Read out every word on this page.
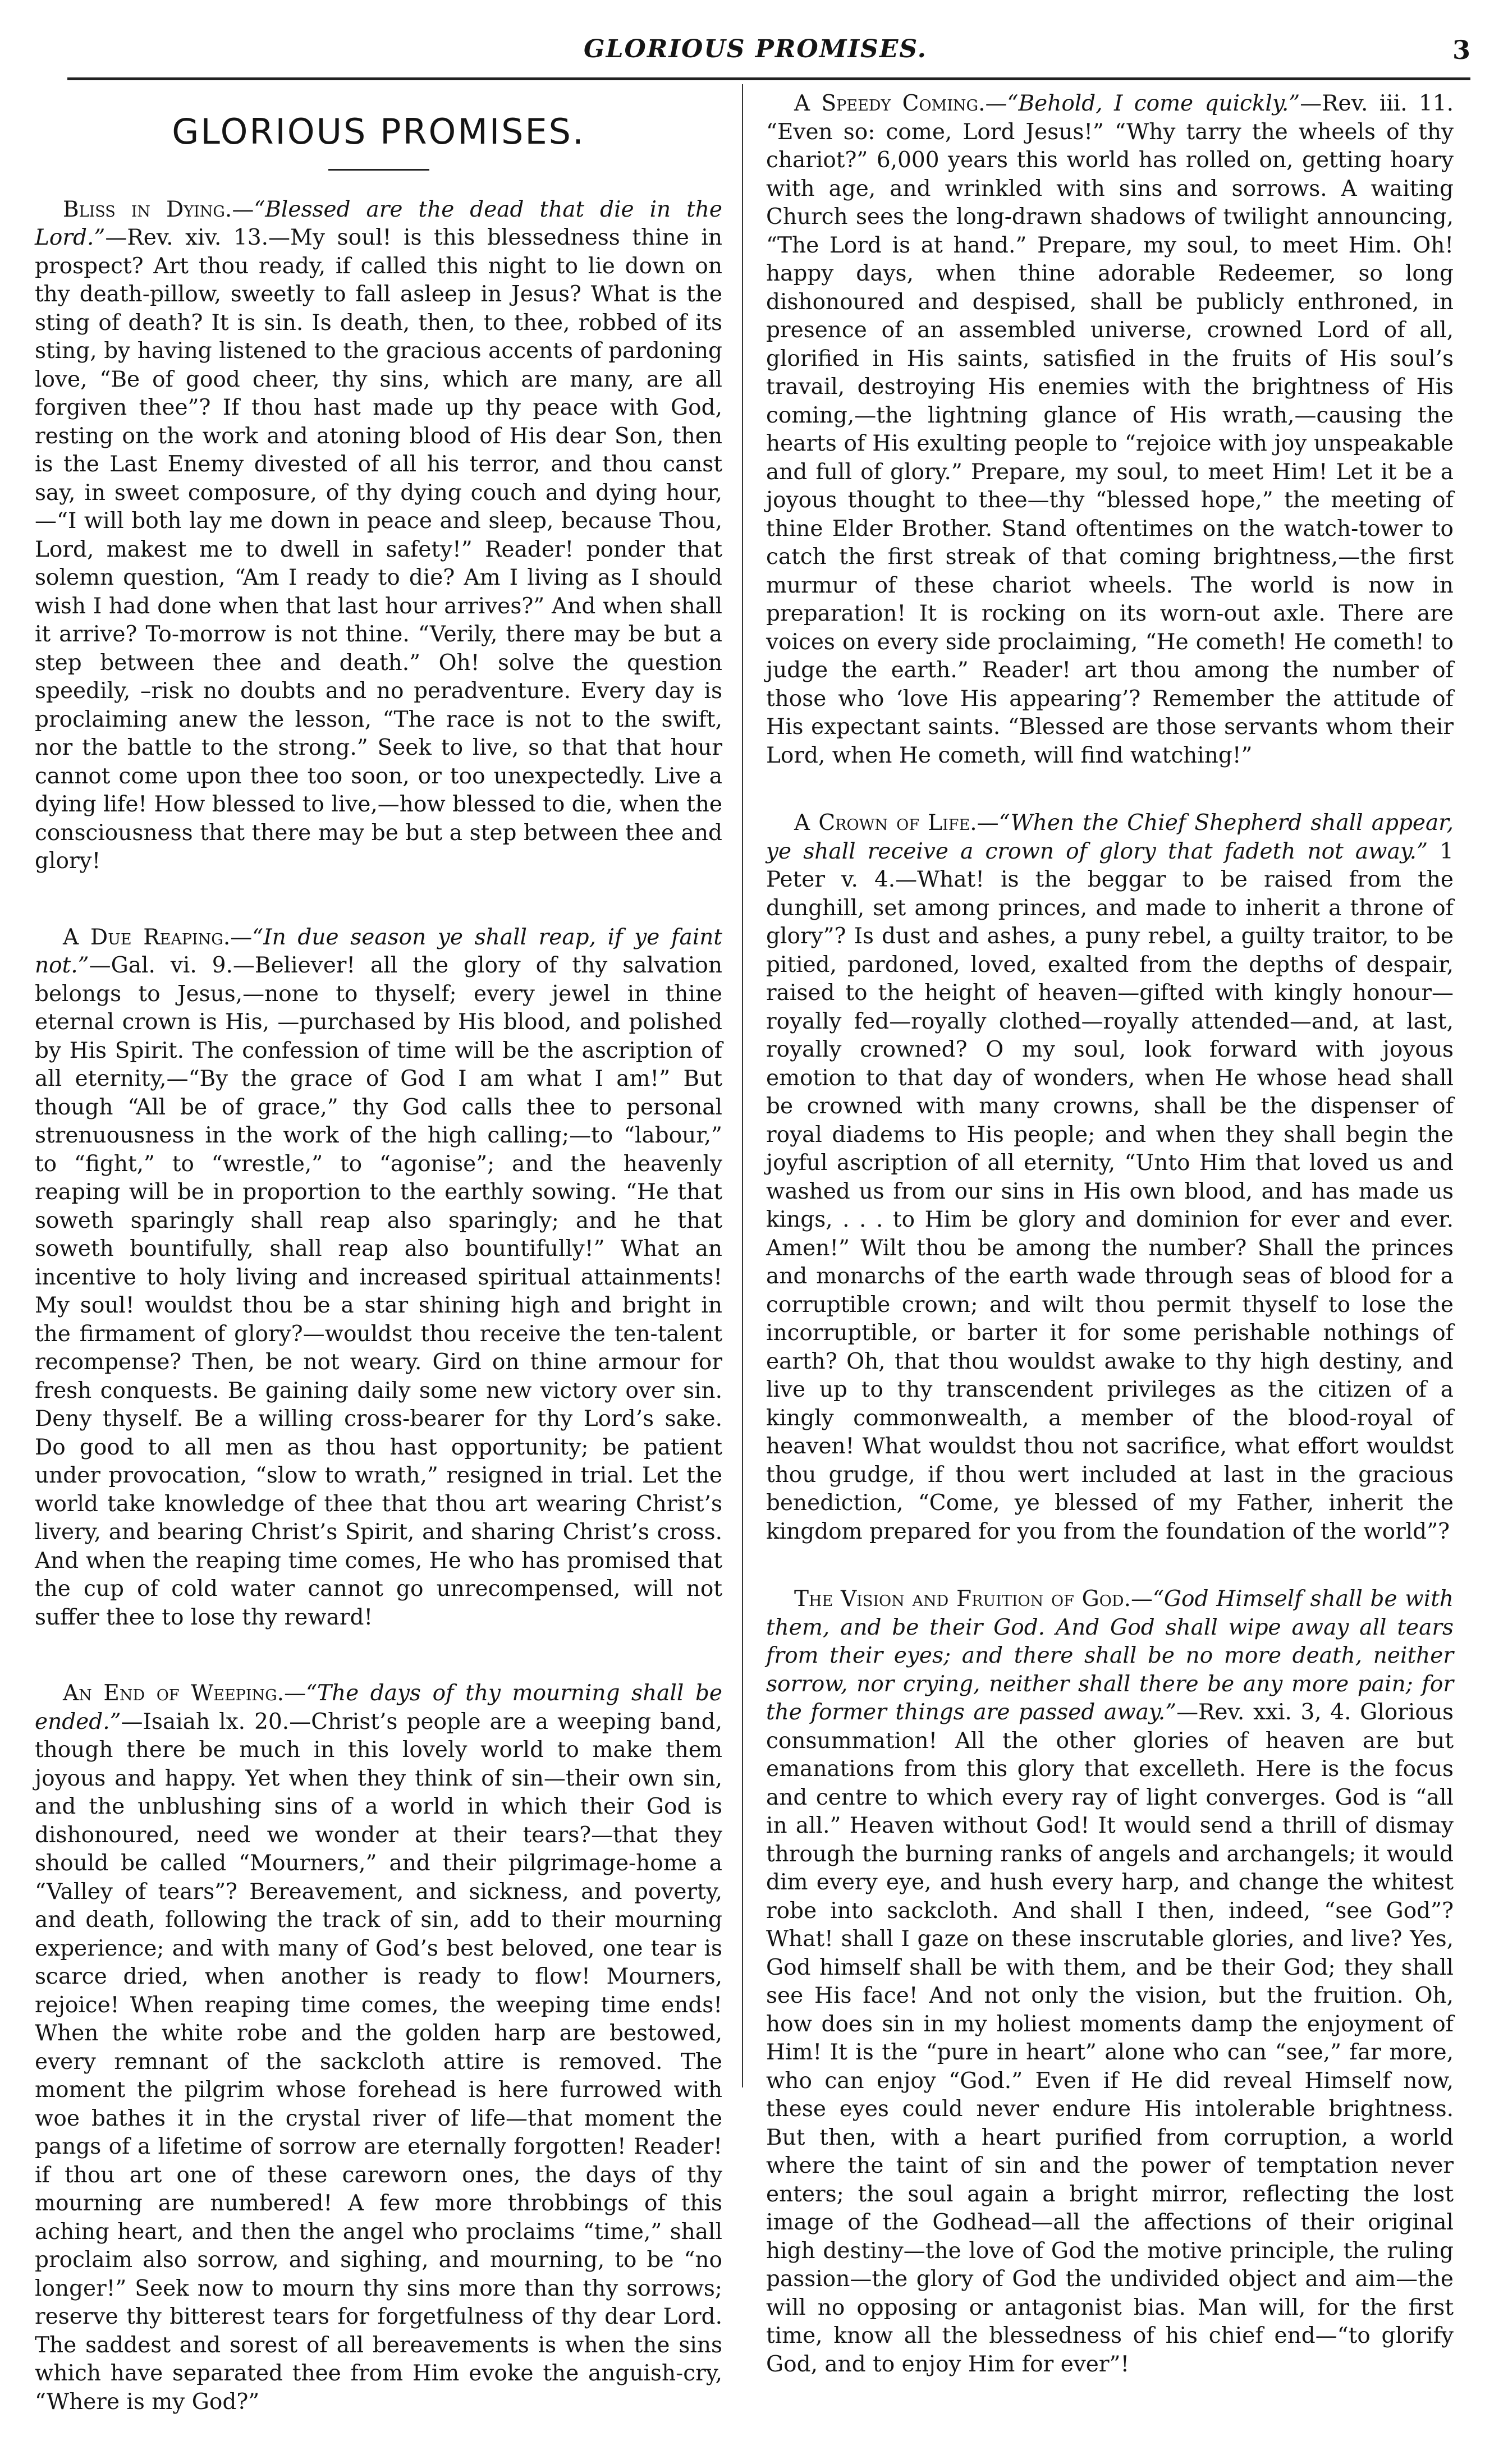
GLORIOUS PROMISES.	3
GLORIOUS PROMISES.

Bliss in Dying.—“Blessed are the dead that die in the Lord.”—Rev. xiv. 13.—My soul! is this blessedness thine in prospect? Art thou ready, if called this night to lie down on thy death-pillow, sweetly to fall asleep in Jesus? What is the sting of death? It is sin. Is death, then, to thee, robbed of its sting, by having listened to the gracious accents of pardoning love, “Be of good cheer, thy sins, which are many, are all forgiven thee”? If thou hast made up thy peace with God, resting on the work and atoning blood of His dear Son, then is the Last Enemy divested of all his terror, and thou canst say, in sweet composure, of thy dying couch and dying hour, —“I will both lay me down in peace and sleep, because Thou, Lord, makest me to dwell in safety!” Reader! ponder that solemn question, “Am I ready to die? Am I living as I should wish I had done when that last hour arrives?” And when shall it arrive? To-morrow is not thine. “Verily, there may be but a step between thee and death.” Oh! solve the question speedily, –risk no doubts and no peradventure. Every day is proclaiming anew the lesson, “The race is not to the swift, nor the battle to the strong.” Seek to live, so that that hour cannot come upon thee too soon, or too unexpectedly. Live a dying life! How blessed to live,—how blessed to die, when the consciousness that there may be but a step between thee and glory!

A Due Reaping.—“In due season ye shall reap, if ye faint not.”—Gal. vi. 9.—Believer! all the glory of thy salvation belongs to Jesus,—none to thyself; every jewel in thine eternal crown is His, —purchased by His blood, and polished by His Spirit. The confession of time will be the ascription of all eternity,—“By the grace of God I am what I am!” But though “All be of grace,” thy God calls thee to personal strenuousness in the work of the high calling;—to “labour,” to “fight,” to “wrestle,” to “agonise”; and the heavenly reaping will be in proportion to the earthly sowing. “He that soweth sparingly shall reap also sparingly; and he that soweth bountifully, shall reap also bountifully!” What an incentive to holy living and increased spiritual attainments! My soul! wouldst thou be a star shining high and bright in the firmament of glory?—wouldst thou receive the ten-talent recompense? Then, be not weary. Gird on thine armour for fresh conquests. Be gaining daily some new victory over sin. Deny thyself. Be a willing cross-bearer for thy Lord’s sake. Do good to all men as thou hast opportunity; be patient under provocation, “slow to wrath,” resigned in trial. Let the world take knowledge of thee that thou art wearing Christ’s livery, and bearing Christ’s Spirit, and sharing Christ’s cross. And when the reaping time comes, He who has promised that the cup of cold water cannot go unrecompensed, will not suffer thee to lose thy reward!

An End of Weeping.—“The days of thy mourning shall be ended.”—Isaiah lx. 20.—Christ’s people are a weeping band, though there be much in this lovely world to make them joyous and happy. Yet when they think of sin—their own sin, and the unblushing sins of a world in which their God is dishonoured, need we wonder at their tears?—that they should be called “Mourners,” and their pilgrimage-home a “Valley of tears”? Bereavement, and sickness, and poverty, and death, following the track of sin, add to their mourning experience; and with many of God’s best beloved, one tear is scarce dried, when another is ready to flow! Mourners, rejoice! When reaping time comes, the weeping time ends! When the white robe and the golden harp are bestowed, every remnant of the sackcloth attire is removed. The moment the pilgrim whose forehead is here furrowed with woe bathes it in the crystal river of life—that moment the pangs of a lifetime of sorrow are eternally forgotten! Reader! if thou art one of these careworn ones, the days of thy mourning are numbered! A few more throbbings of this aching heart, and then the angel who proclaims “time,” shall proclaim also sorrow, and sighing, and mourning, to be “no longer!” Seek now to mourn thy sins more than thy sorrows; reserve thy bitterest tears for forgetfulness of thy dear Lord. The saddest and sorest of all bereavements is when the sins which have separated thee from Him evoke the anguish-cry, “Where is my God?”

A Speedy Coming.—“Behold, I come quickly.”—Rev. iii. 11. “Even so: come, Lord Jesus!” “Why tarry the wheels of thy chariot?” 6,000 years this world has rolled on, getting hoary with age, and wrinkled with sins and sorrows. A waiting Church sees the long-drawn shadows of twilight announcing, “The Lord is at hand.” Prepare, my soul, to meet Him. Oh! happy days, when thine adorable Redeemer, so long dishonoured and despised, shall be publicly enthroned, in presence of an assembled universe, crowned Lord of all, glorified in His saints, satisfied in the fruits of His soul’s travail, destroying His enemies with the brightness of His coming,—the lightning glance of His wrath,—causing the hearts of His exulting people to “rejoice with joy unspeakable and full of glory.” Prepare, my soul, to meet Him! Let it be a joyous thought to thee—thy “blessed hope,” the meeting of thine Elder Brother. Stand oftentimes on the watch-tower to catch the first streak of that coming brightness,—the first murmur of these chariot wheels. The world is now in preparation! It is rocking on its worn-out axle. There are voices on every side proclaiming, “He cometh! He cometh! to judge the earth.” Reader! art thou among the number of those who ‘love His appearing’? Remember the attitude of His expectant saints. “Blessed are those servants whom their Lord, when He cometh, will find watching!”

A Crown of Life.—“When the Chief Shepherd shall appear, ye shall receive a crown of glory that fadeth not away.” 1 Peter v. 4.—What! is the beggar to be raised from the dunghill, set among princes, and made to inherit a throne of glory”? Is dust and ashes, a puny rebel, a guilty traitor, to be pitied, pardoned, loved, exalted from the depths of despair, raised to the height of heaven—gifted with kingly honour—royally fed—royally clothed—royally attended—and, at last, royally crowned? O my soul, look forward with joyous emotion to that day of wonders, when He whose head shall be crowned with many crowns, shall be the dispenser of royal diadems to His people; and when they shall begin the joyful ascription of all eternity, “Unto Him that loved us and washed us from our sins in His own blood, and has made us kings, . . . to Him be glory and dominion for ever and ever. Amen!” Wilt thou be among the number? Shall the princes and monarchs of the earth wade through seas of blood for a corruptible crown; and wilt thou permit thyself to lose the incorruptible, or barter it for some perishable nothings of earth? Oh, that thou wouldst awake to thy high destiny, and live up to thy transcendent privileges as the citizen of a kingly commonwealth, a member of the blood-royal of heaven! What wouldst thou not sacrifice, what effort wouldst thou grudge, if thou wert included at last in the gracious benediction, “Come, ye blessed of my Father, inherit the kingdom prepared for you from the foundation of the world”?

The Vision and Fruition of God.—“God Himself shall be with them, and be their God. And God shall wipe away all tears from their eyes; and there shall be no more death, neither sorrow, nor crying, neither shall there be any more pain; for the former things are passed away.”—Rev. xxi. 3, 4. Glorious consummation! All the other glories of heaven are but emanations from this glory that excelleth. Here is the focus and centre to which every ray of light converges. God is “all in all.” Heaven without God! It would send a thrill of dismay through the burning ranks of angels and archangels; it would dim every eye, and hush every harp, and change the whitest robe into sackcloth. And shall I then, indeed, “see God”? What! shall I gaze on these inscrutable glories, and live? Yes, God himself shall be with them, and be their God; they shall see His face! And not only the vision, but the fruition. Oh, how does sin in my holiest moments damp the enjoyment of Him! It is the “pure in heart” alone who can “see,” far more, who can enjoy “God.” Even if He did reveal Himself now, these eyes could never endure His intolerable brightness. But then, with a heart purified from corruption, a world where the taint of sin and the power of temptation never enters; the soul again a bright mirror, reflecting the lost image of the Godhead—all the affections of their original high destiny—the love of God the motive principle, the ruling passion—the glory of God the undivided object and aim—the will no opposing or antagonist bias. Man will, for the first time, know all the blessedness of his chief end—“to glorify God, and to enjoy Him for ever”!
